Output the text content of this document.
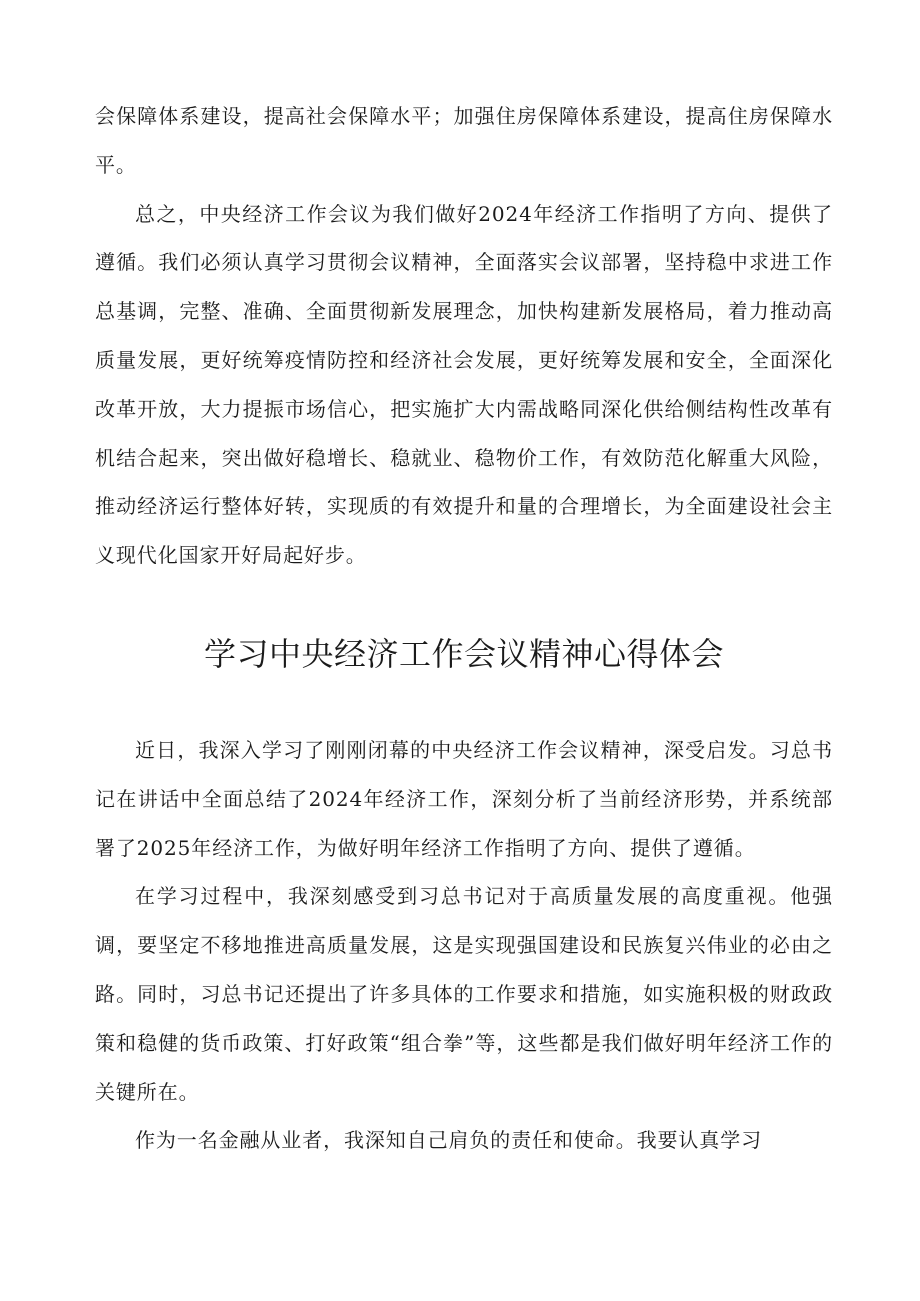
会保障体系建设，提高社会保障水平；加强住房保障体系建设，提高住房保障水平。

总之，中央经济工作会议为我们做好2024年经济工作指明了方向、提供了遵循。我们必须认真学习贯彻会议精神，全面落实会议部署，坚持稳中求进工作总基调，完整、准确、全面贯彻新发展理念，加快构建新发展格局，着力推动高质量发展，更好统筹疫情防控和经济社会发展，更好统筹发展和安全，全面深化改革开放，大力提振市场信心，把实施扩大内需战略同深化供给侧结构性改革有机结合起来，突出做好稳增长、稳就业、稳物价工作，有效防范化解重大风险，推动经济运行整体好转，实现质的有效提升和量的合理增长，为全面建设社会主义现代化国家开好局起好步。

学习中央经济工作会议精神心得体会

近日，我深入学习了刚刚闭幕的中央经济工作会议精神，深受启发。习总书记在讲话中全面总结了2024年经济工作，深刻分析了当前经济形势，并系统部署了2025年经济工作，为做好明年经济工作指明了方向、提供了遵循。

在学习过程中，我深刻感受到习总书记对于高质量发展的高度重视。他强调，要坚定不移地推进高质量发展，这是实现强国建设和民族复兴伟业的必由之路。同时，习总书记还提出了许多具体的工作要求和措施，如实施积极的财政政策和稳健的货币政策、打好政策“组合拳”等，这些都是我们做好明年经济工作的关键所在。

作为一名金融从业者，我深知自己肩负的责任和使命。我要认真学习
